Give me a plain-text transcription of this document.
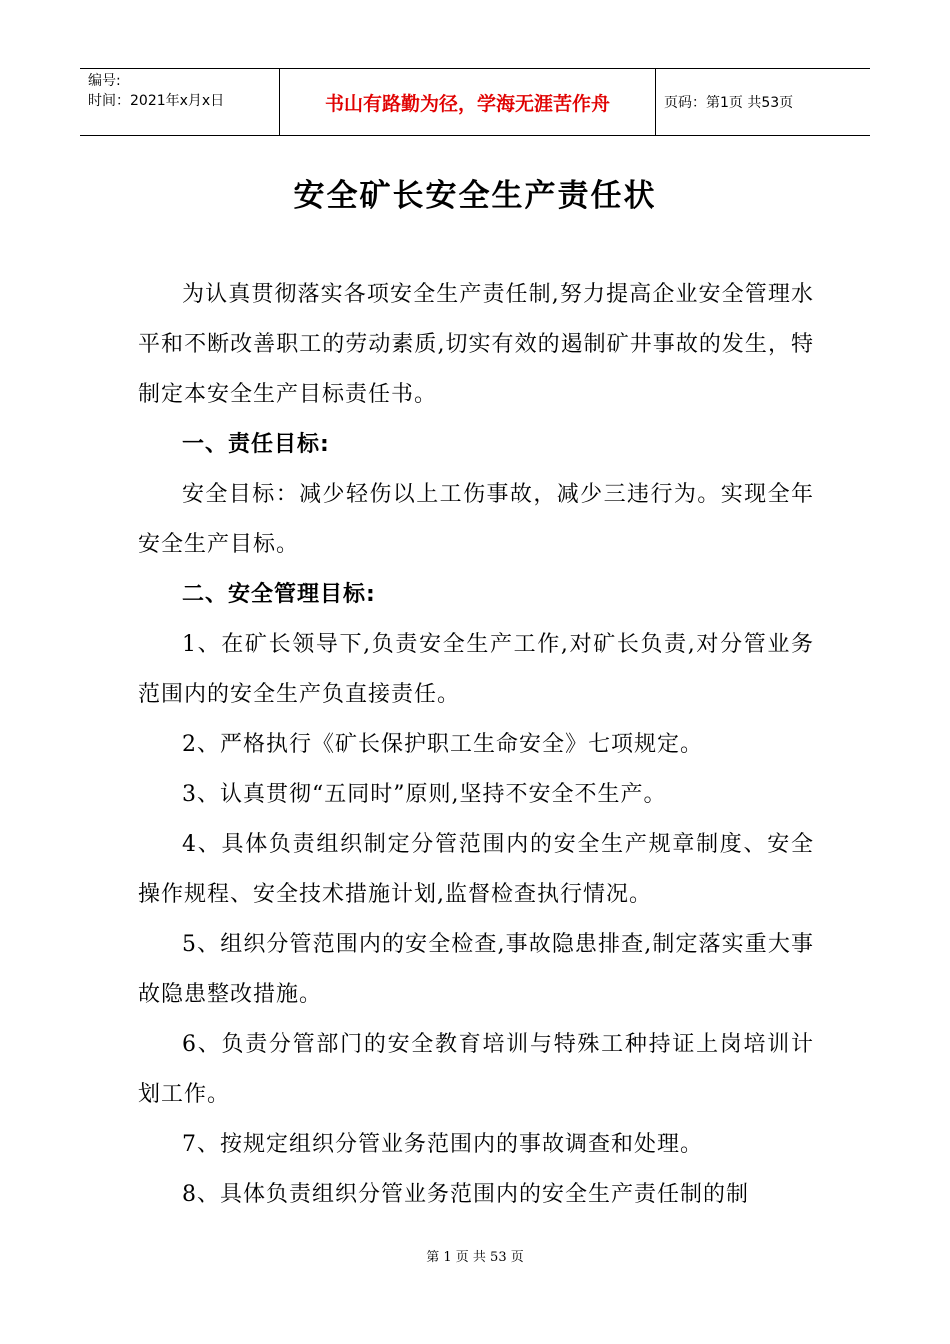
编号:
时间：2021年x月x日	书山有路勤为径，学海无涯苦作舟	页码：第1页 共53页
安全矿长安全生产责任状

为认真贯彻落实各项安全生产责任制,努力提高企业安全管理水平和不断改善职工的劳动素质,切实有效的遏制矿井事故的发生，特制定本安全生产目标责任书。

一、责任目标:

安全目标：减少轻伤以上工伤事故，减少三违行为。实现全年安全生产目标。

二、安全管理目标:

1、在矿长领导下,负责安全生产工作,对矿长负责,对分管业务范围内的安全生产负直接责任。

2、严格执行《矿长保护职工生命安全》七项规定。

3、认真贯彻“五同时”原则,坚持不安全不生产。

4、具体负责组织制定分管范围内的安全生产规章制度、安全操作规程、安全技术措施计划,监督检查执行情况。

5、组织分管范围内的安全检查,事故隐患排查,制定落实重大事故隐患整改措施。

6、负责分管部门的安全教育培训与特殊工种持证上岗培训计划工作。

7、按规定组织分管业务范围内的事故调查和处理。

8、具体负责组织分管业务范围内的安全生产责任制的制

第 1 页 共 53 页
